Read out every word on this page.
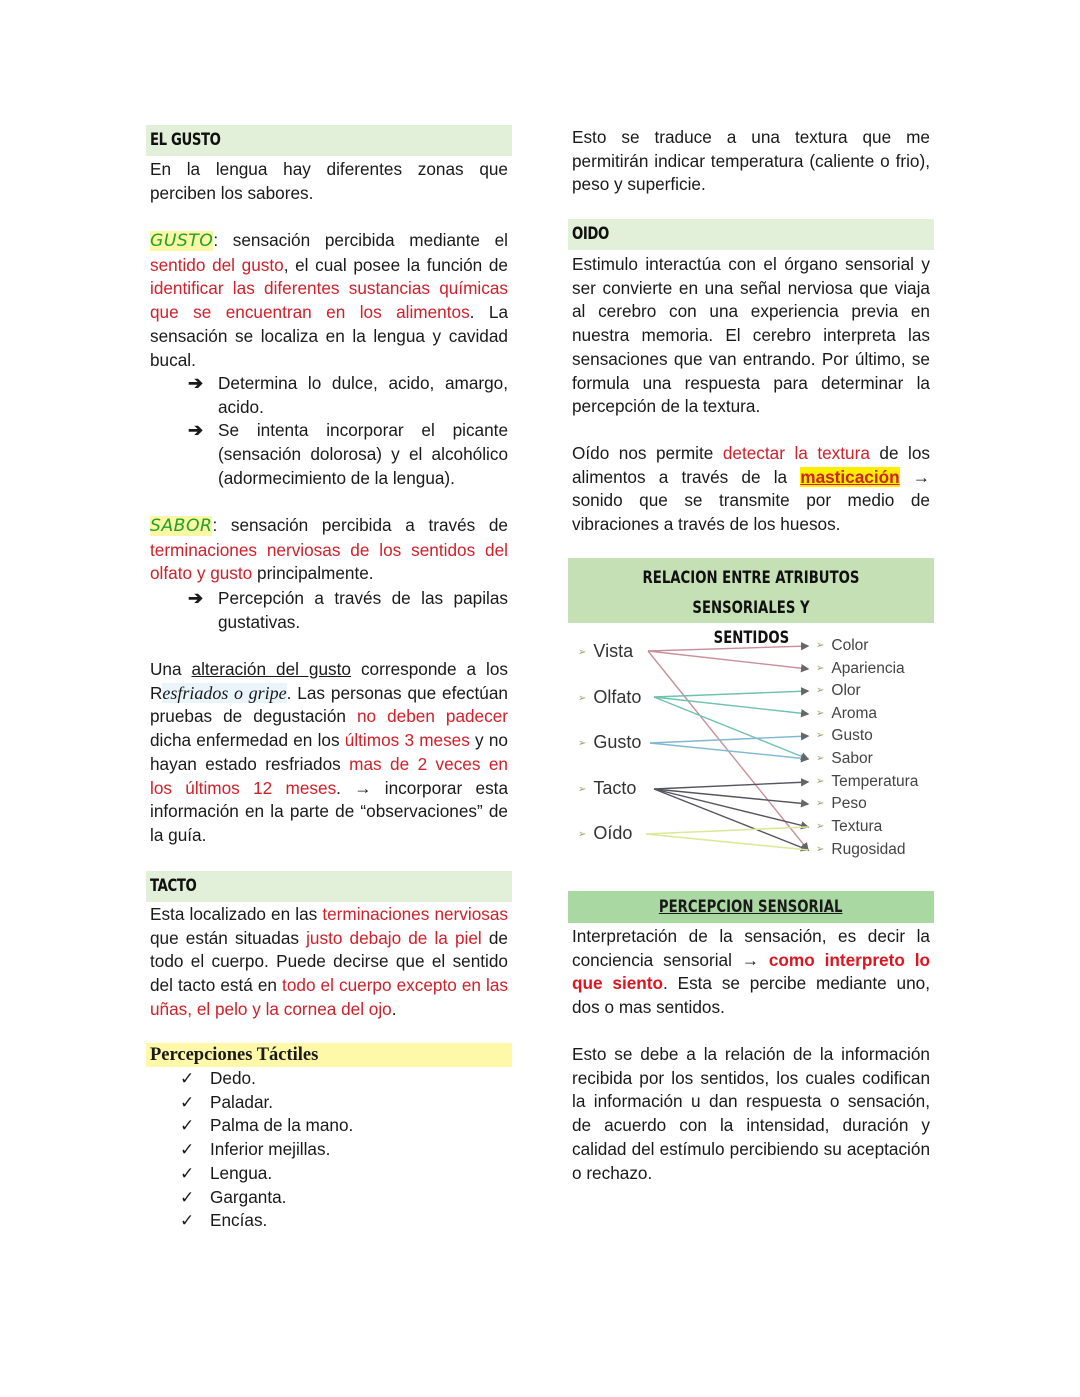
EL GUSTO

En la lengua hay diferentes zonas que perciben los sabores.

GUSTO: sensación percibida mediante el sentido del gusto, el cual posee la función de identificar las diferentes sustancias químicas que se encuentran en los alimentos. La sensación se localiza en la lengua y cavidad bucal.

➔ Determina lo dulce, acido, amargo, acido.
➔ Se intenta incorporar el picante (sensación dolorosa) y el alcohólico (adormecimiento de la lengua).

SABOR: sensación percibida a través de terminaciones nerviosas de los sentidos del olfato y gusto principalmente.

➔ Percepción a través de las papilas gustativas.

Una alteración del gusto corresponde a los Resfriados o gripe. Las personas que efectúan pruebas de degustación no deben padecer dicha enfermedad en los últimos 3 meses y no hayan estado resfriados mas de 2 veces en los últimos 12 meses. → incorporar esta información en la parte de “observaciones” de la guía.

TACTO

Esta localizado en las terminaciones nerviosas que están situadas justo debajo de la piel de todo el cuerpo. Puede decirse que el sentido del tacto está en todo el cuerpo excepto en las uñas, el pelo y la cornea del ojo.

Percepciones Táctiles
✓ Dedo.
✓ Paladar.
✓ Palma de la mano.
✓ Inferior mejillas.
✓ Lengua.
✓ Garganta.
✓ Encías.

Esto se traduce a una textura que me permitirán indicar temperatura (caliente o frio), peso y superficie.

OIDO

Estimulo interactúa con el órgano sensorial y ser convierte en una señal nerviosa que viaja al cerebro con una experiencia previa en nuestra memoria. El cerebro interpreta las sensaciones que van entrando. Por último, se formula una respuesta para determinar la percepción de la textura.

Oído nos permite detectar la textura de los alimentos a través de la masticación → sonido que se transmite por medio de vibraciones a través de los huesos.

RELACION ENTRE ATRIBUTOS SENSORIALES Y
SENTIDOS
➢ Vista
➢ Olfato
➢ Gusto
➢ Tacto
➢ Oído
➢ Color
➢ Apariencia
➢ Olor
➢ Aroma
➢ Gusto
➢ Sabor
➢ Temperatura
➢ Peso
➢ Textura
➢ Rugosidad
PERCEPCION SENSORIAL

Interpretación de la sensación, es decir la conciencia sensorial → como interpreto lo que siento. Esta se percibe mediante uno, dos o mas sentidos.

Esto se debe a la relación de la información recibida por los sentidos, los cuales codifican la información u dan respuesta o sensación, de acuerdo con la intensidad, duración y calidad del estímulo percibiendo su aceptación o rechazo.
